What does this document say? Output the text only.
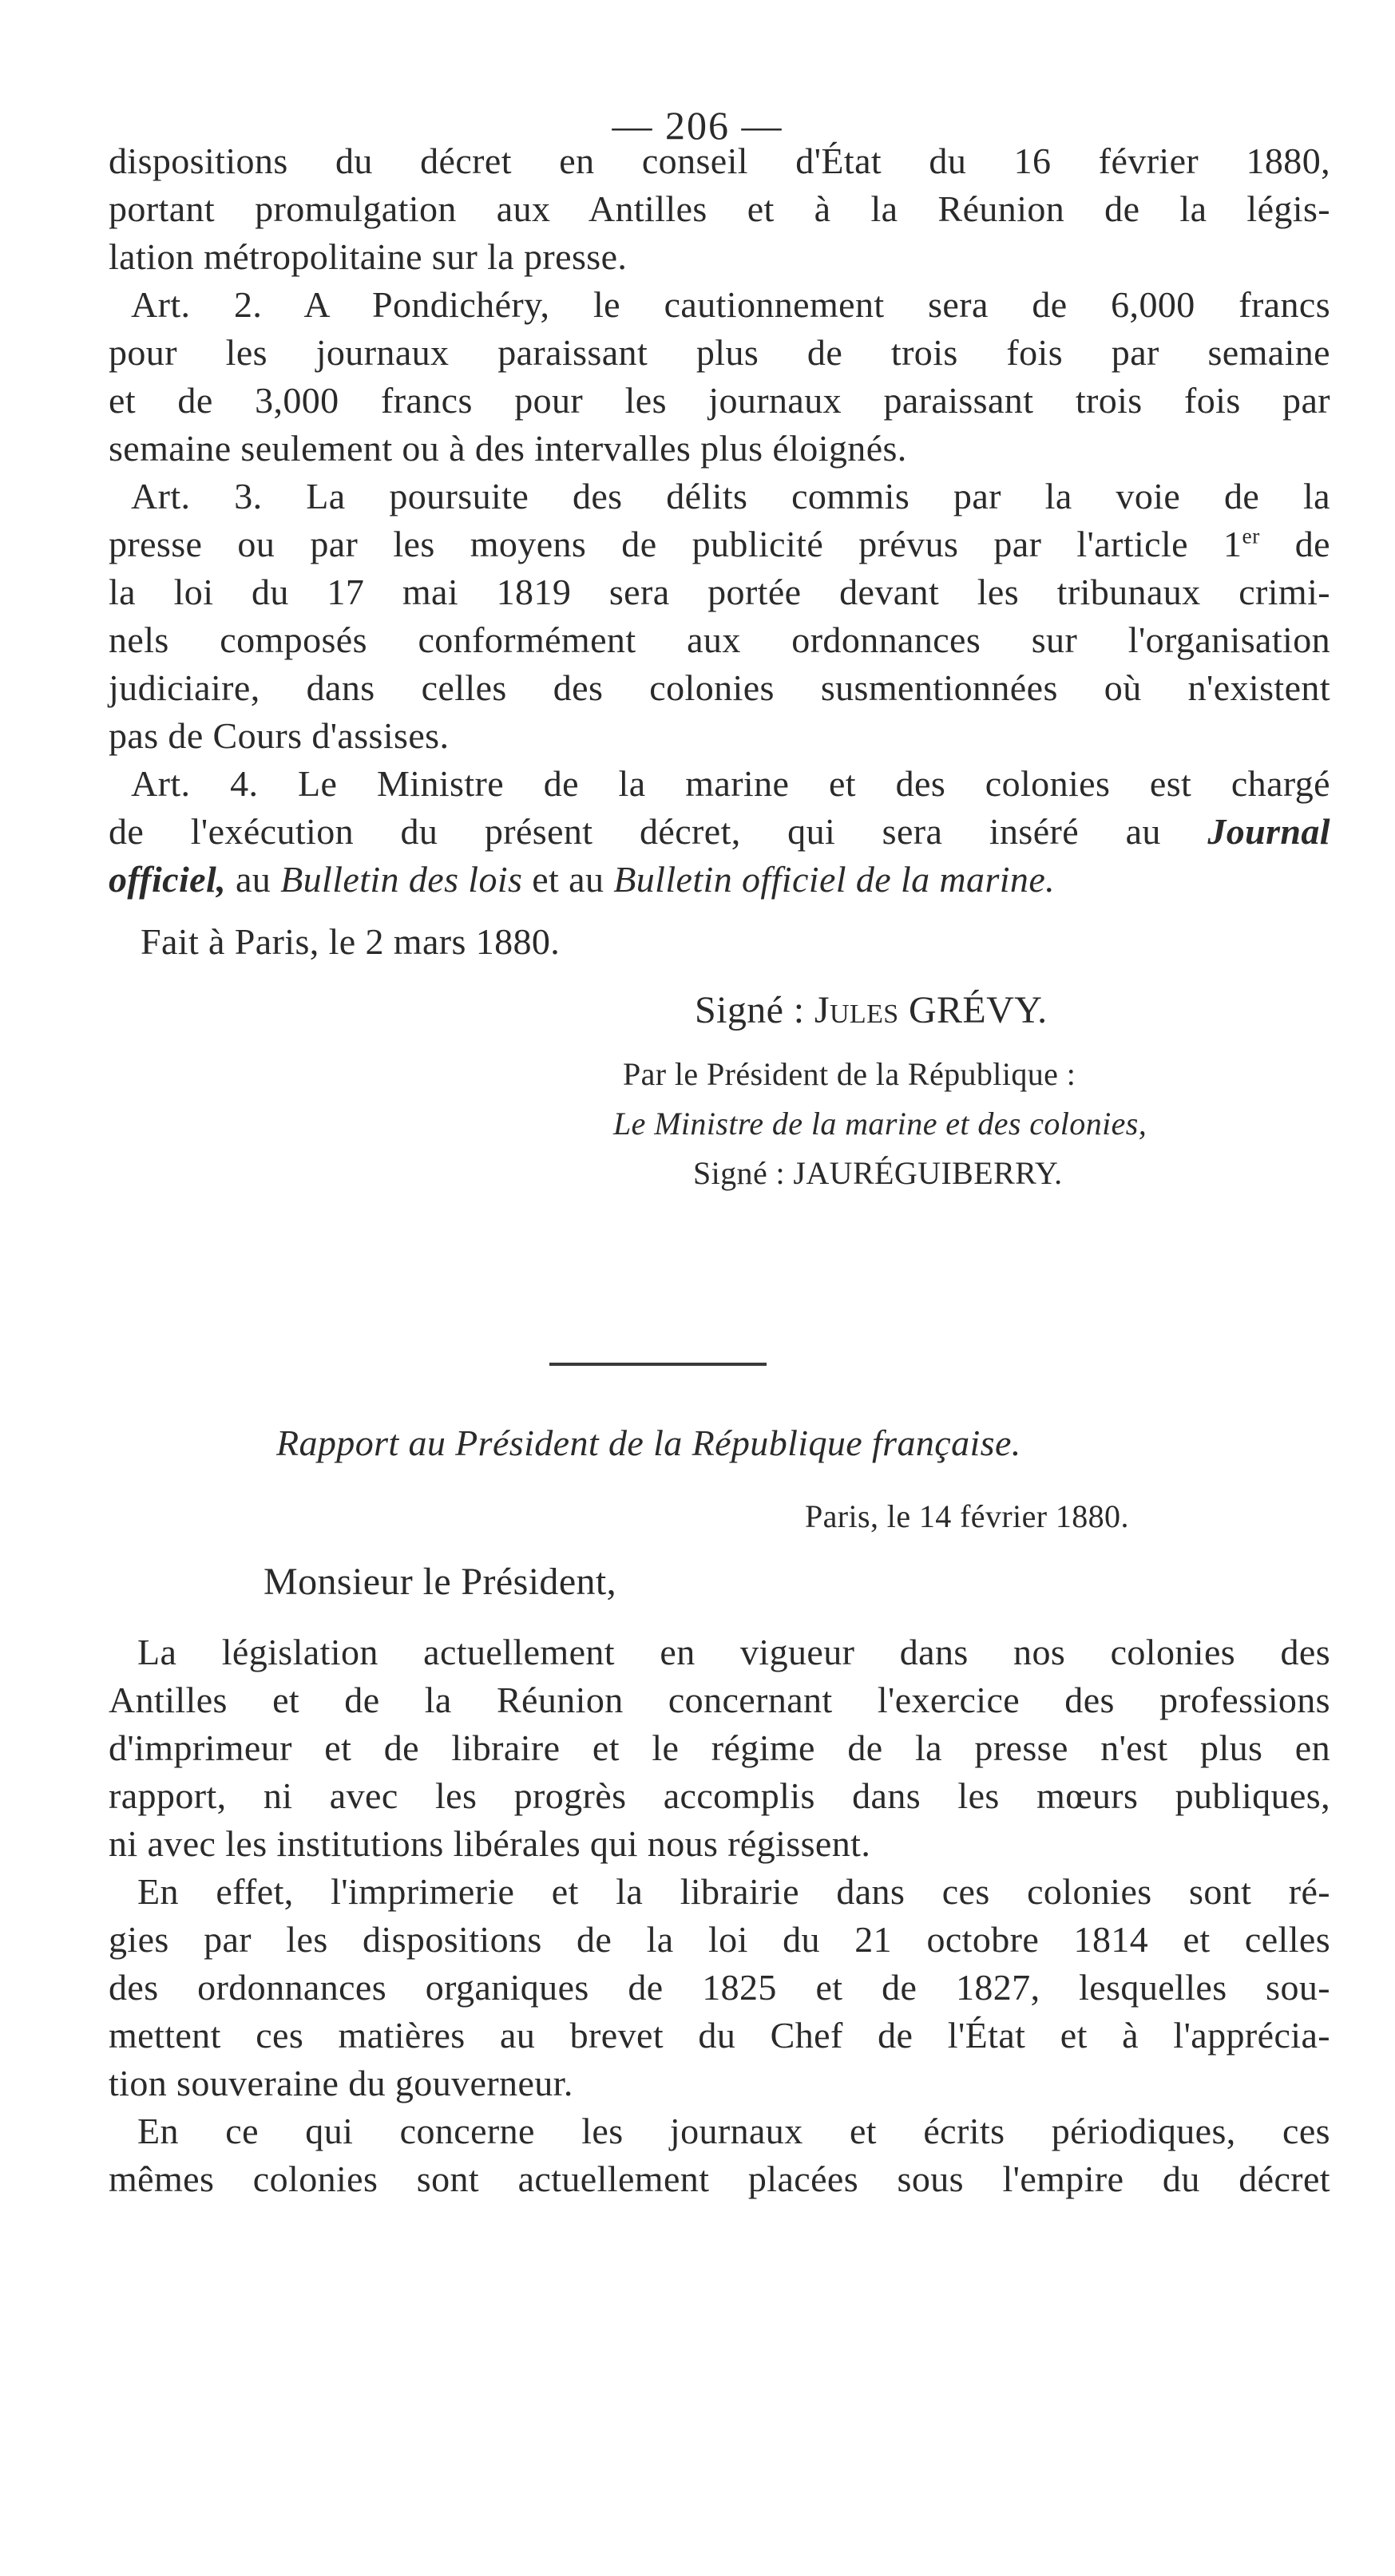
— 206 —
dispositions du décret en conseil d'État du 16 février 1880,
portant promulgation aux Antilles et à la Réunion de la légis-
lation métropolitaine sur la presse.
Art. 2. A Pondichéry, le cautionnement sera de 6,000 francs
pour les journaux paraissant plus de trois fois par semaine
et de 3,000 francs pour les journaux paraissant trois fois par
semaine seulement ou à des intervalles plus éloignés.
Art. 3. La poursuite des délits commis par la voie de la
presse ou par les moyens de publicité prévus par l'article 1er de
la loi du 17 mai 1819 sera portée devant les tribunaux crimi-
nels composés conformément aux ordonnances sur l'organisation
judiciaire, dans celles des colonies susmentionnées où n'existent
pas de Cours d'assises.
Art. 4. Le Ministre de la marine et des colonies est chargé
de l'exécution du présent décret, qui sera inséré au Journal
officiel, au Bulletin des lois et au Bulletin officiel de la marine.
Fait à Paris, le 2 mars 1880.
Signé : Jules GRÉVY.
Par le Président de la République :
Le Ministre de la marine et des colonies,
Signé : JAURÉGUIBERRY.
Rapport au Président de la République française.
Paris, le 14 février 1880.
Monsieur le Président,
La législation actuellement en vigueur dans nos colonies des
Antilles et de la Réunion concernant l'exercice des professions
d'imprimeur et de libraire et le régime de la presse n'est plus en
rapport, ni avec les progrès accomplis dans les mœurs publiques,
ni avec les institutions libérales qui nous régissent.
En effet, l'imprimerie et la librairie dans ces colonies sont ré-
gies par les dispositions de la loi du 21 octobre 1814 et celles
des ordonnances organiques de 1825 et de 1827, lesquelles sou-
mettent ces matières au brevet du Chef de l'État et à l'apprécia-
tion souveraine du gouverneur.
En ce qui concerne les journaux et écrits périodiques, ces
mêmes colonies sont actuellement placées sous l'empire du décret
